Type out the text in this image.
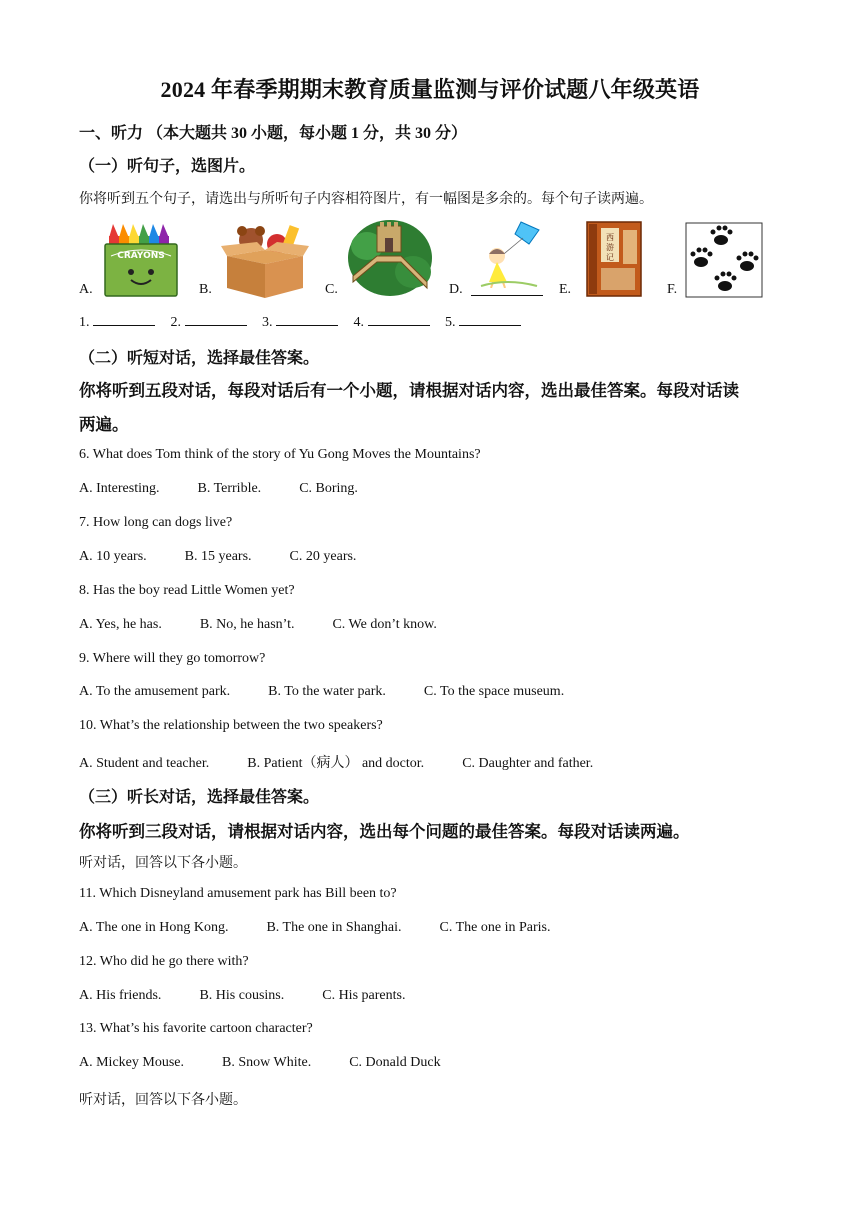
2024 年春季期期末教育质量监测与评价试题八年级英语
一、听力 （本大题共 30 小题，每小题 1 分，共 30 分）
（一）听句子，选图片。
你将听到五个句子，请选出与所听句子内容相符图片，有一幅图是多余的。每个句子读两遍。
A.
CRAYONS
B.	C.	D.	E.
西
游
记
F.
1.	2.	3.	4.	5.
（二）听短对话，选择最佳答案。
你将听到五段对话，每段对话后有一个小题，请根据对话内容，选出最佳答案。每段对话读
两遍。
6. What does Tom think of the story of Yu Gong Moves the Mountains?
A. Interesting.	B. Terrible.	C. Boring.
7. How long can dogs live?
A. 10 years.	B. 15 years.	C. 20 years.
8. Has the boy read Little Women yet?
A. Yes, he has.	B. No, he hasn’t.	C. We don’t know.
9. Where will they go tomorrow?
A. To the amusement park.	B. To the water park.	C. To the space museum.
10. What’s the relationship between the two speakers?
A. Student and teacher.	B. Patient（病人） and doctor.	C. Daughter and father.
（三）听长对话，选择最佳答案。
你将听到三段对话，请根据对话内容，选出每个问题的最佳答案。每段对话读两遍。
听对话，回答以下各小题。
11. Which Disneyland amusement park has Bill been to?
A. The one in Hong Kong.	B. The one in Shanghai.	C. The one in Paris.
12. Who did he go there with?
A. His friends.	B. His cousins.	C. His parents.
13. What’s his favorite cartoon character?
A. Mickey Mouse.	B. Snow White.	C. Donald Duck
听对话，回答以下各小题。
